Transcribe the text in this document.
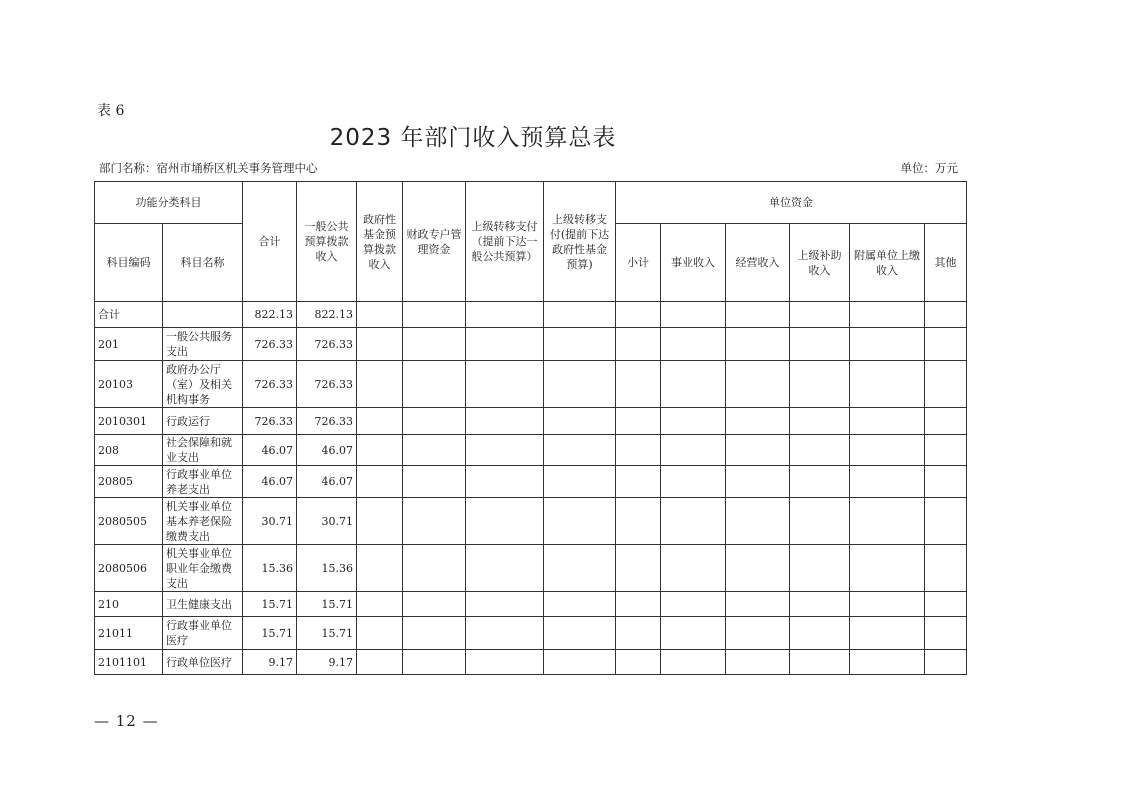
表 6
2023 年部门收入预算总表
部门名称：宿州市埇桥区机关事务管理中心	单位：万元
功能分类科目		合计	一般公共预算拨款收入	政府性基金预算拨款收入	财政专户管理资金	上级转移支付（提前下达一般公共预算）	上级转移支付(提前下达政府性基金预算)	单位资金					
科目编码	科目名称							小计	事业收入	经营收入	上级补助收入	附属单位上缴收入	其他
合计		822.13	822.13										
201	一般公共服务支出	726.33	726.33										
20103	政府办公厅（室）及相关机构事务	726.33	726.33										
2010301	行政运行	726.33	726.33										
208	社会保障和就业支出	46.07	46.07										
20805	行政事业单位养老支出	46.07	46.07										
2080505	机关事业单位基本养老保险缴费支出	30.71	30.71										
2080506	机关事业单位职业年金缴费支出	15.36	15.36										
210	卫生健康支出	15.71	15.71										
21011	行政事业单位医疗	15.71	15.71										
2101101	行政单位医疗	9.17	9.17										
— 12 —
